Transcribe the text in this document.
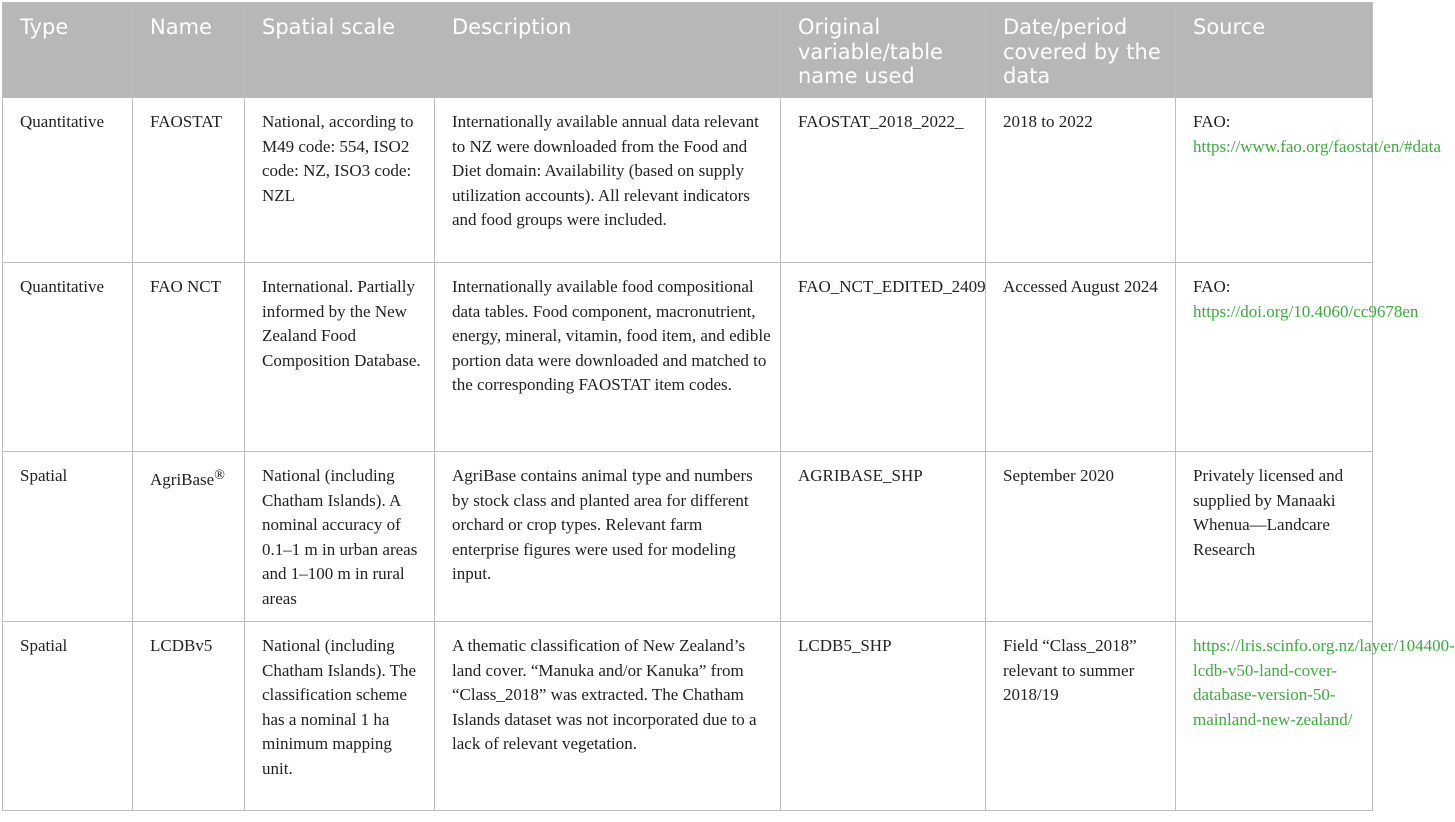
Type	Name	Spatial scale	Description	Original variable/table name used	Date/period covered by the data	Source
Quantitative	FAOSTAT	National, according to M49 code: 554, ISO2 code: NZ, ISO3 code: NZL	Internationally available annual data relevant to NZ were downloaded from the Food and Diet domain: Availability (based on supply utilization accounts). All relevant indicators and food groups were included.	FAOSTAT_2018_2022_	2018 to 2022	FAO: https://www.fao.org/faostat/en/#data
Quantitative	FAO NCT	International. Partially informed by the New Zealand Food Composition Database.	Internationally available food compositional data tables. Food component, macronutrient, energy, mineral, vitamin, food item, and edible portion data were downloaded and matched to the corresponding FAOSTAT item codes.	FAO_NCT_EDITED_2409	Accessed August 2024	FAO: https://doi.org/10.4060/cc9678en
Spatial	AgriBase®	National (including Chatham Islands). A nominal accuracy of 0.1–1 m in urban areas and 1–100 m in rural areas	AgriBase contains animal type and numbers by stock class and planted area for different orchard or crop types. Relevant farm enterprise figures were used for modeling input.	AGRIBASE_SHP	September 2020	Privately licensed and supplied by Manaaki Whenua—Landcare Research
Spatial	LCDBv5	National (including Chatham Islands). The classification scheme has a nominal 1 ha minimum mapping unit.	A thematic classification of New Zealand’s land cover. “Manuka and/or Kanuka” from “Class_2018” was extracted. The Chatham Islands dataset was not incorporated due to a lack of relevant vegetation.	LCDB5_SHP	Field “Class_2018” relevant to summer 2018/19	https://lris.scinfo.org.nz/layer/104400-lcdb-v50-land-cover-database-version-50-mainland-new-zealand/
